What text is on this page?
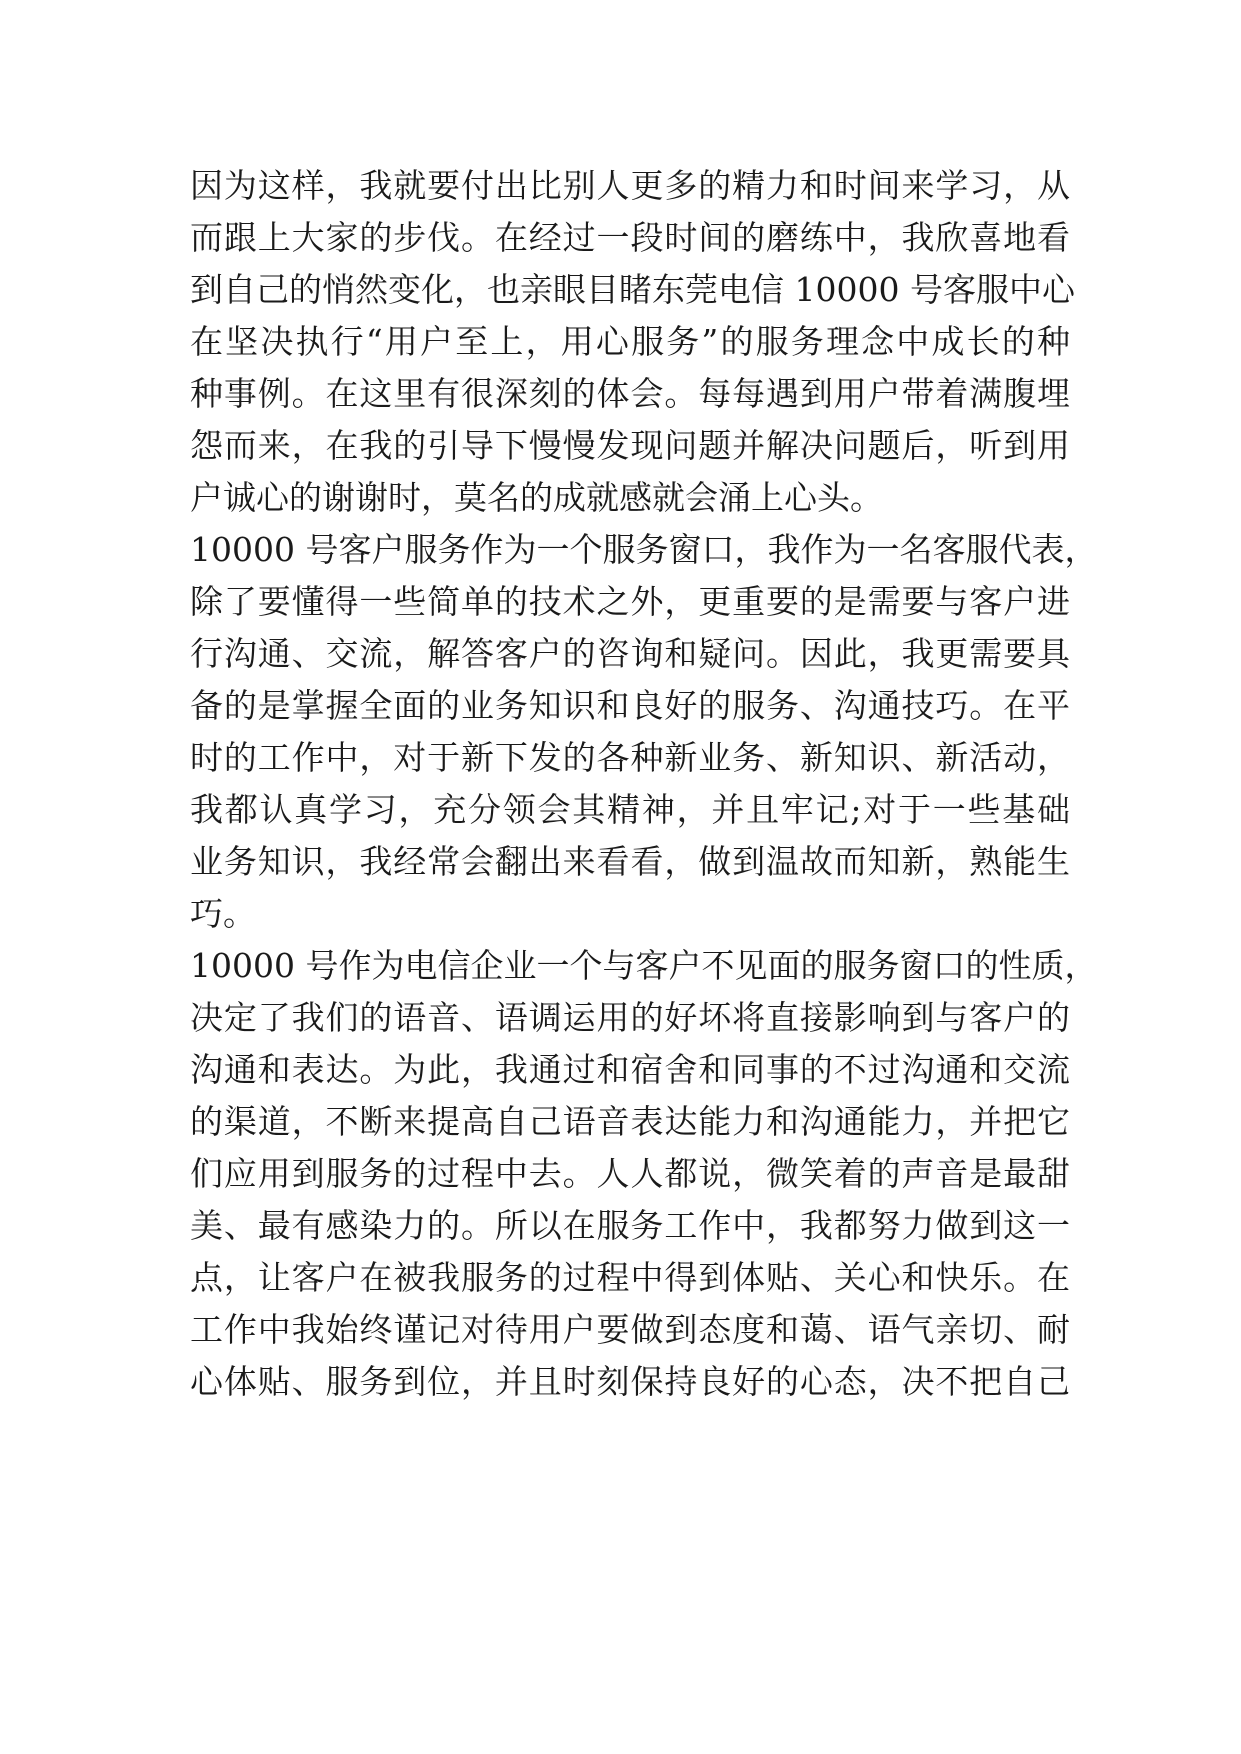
因为这样，我就要付出比别人更多的精力和时间来学习，从
而跟上大家的步伐。在经过一段时间的磨练中，我欣喜地看
到自己的悄然变化，也亲眼目睹东莞电信 10000 号客服中心
在坚决执行“用户至上，用心服务”的服务理念中成长的种
种事例。在这里有很深刻的体会。每每遇到用户带着满腹埋
怨而来，在我的引导下慢慢发现问题并解决问题后，听到用
户诚心的谢谢时，莫名的成就感就会涌上心头。
10000 号客户服务作为一个服务窗口，我作为一名客服代表，
除了要懂得一些简单的技术之外，更重要的是需要与客户进
行沟通、交流，解答客户的咨询和疑问。因此，我更需要具
备的是掌握全面的业务知识和良好的服务、沟通技巧。在平
时的工作中，对于新下发的各种新业务、新知识、新活动，
我都认真学习，充分领会其精神，并且牢记;对于一些基础
业务知识，我经常会翻出来看看，做到温故而知新，熟能生
巧。
10000 号作为电信企业一个与客户不见面的服务窗口的性质，
决定了我们的语音、语调运用的好坏将直接影响到与客户的
沟通和表达。为此，我通过和宿舍和同事的不过沟通和交流
的渠道，不断来提高自己语音表达能力和沟通能力，并把它
们应用到服务的过程中去。人人都说，微笑着的声音是最甜
美、最有感染力的。所以在服务工作中，我都努力做到这一
点，让客户在被我服务的过程中得到体贴、关心和快乐。在
工作中我始终谨记对待用户要做到态度和蔼、语气亲切、耐
心体贴、服务到位，并且时刻保持良好的心态，决不把自己
